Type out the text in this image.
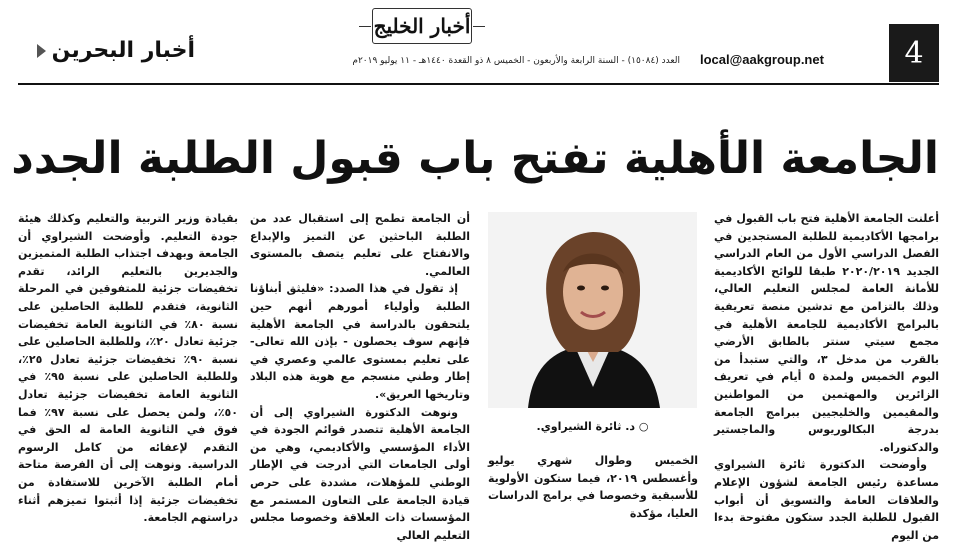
4
local@aakgroup.net
أخبار الخليج
العدد (١٥٠٨٤) - السنة الرابعة والأربعون - الخميس ٨ ذو القعدة ١٤٤٠هـ - ١١ يوليو ٢٠١٩م
أخبار البحرين
الجامعة الأهلية تفتح باب قبول الطلبة الجدد

أعلنت الجامعة الأهلية فتح باب القبول في برامجها الأكاديمية للطلبة المستجدين في الفصل الدراسي الأول من العام الدراسي الجديد ٢٠٢٠/٢٠١٩ طبقا للوائح الأكاديمية للأمانة العامة لمجلس التعليم العالي، وذلك بالتزامن مع تدشين منصة تعريفية بالبرامج الأكاديمية للجامعة الأهلية في مجمع سيتي سنتر بالطابق الأرضي بالقرب من مدخل ٣، والتي ستبدأ من اليوم الخميس ولمدة ٥ أيام في تعريف الزائرين والمهتمين من المواطنين والمقيمين والخليجيين ببرامج الجامعة بدرجة البكالوريوس والماجستير والدكتوراه.

وأوضحت الدكتورة ثائرة الشيراوي مساعدة رئيس الجامعة لشؤون الإعلام والعلاقات العامة والتسويق أن أبواب القبول للطلبة الجدد ستكون مفتوحة بدءا من اليوم

○ د. ثائرة الشيراوي.

الخميس وطوال شهري يوليو وأغسطس ٢٠١٩، فيما ستكون الأولوية للأسبقية وخصوصا في برامج الدراسات العليا، مؤكدة

أن الجامعة تطمح إلى استقبال عدد من الطلبة الباحثين عن التميز والإبداع والانفتاح على تعليم يتصف بالمستوى العالمي.

إذ تقول في هذا الصدد: «فليثق أبناؤنا الطلبة وأولياء أمورهم أنهم حين يلتحقون بالدراسة في الجامعة الأهلية فإنهم سوف يحصلون - بإذن الله تعالى- على تعليم بمستوى عالمي وعصري في إطار وطني منسجم مع هوية هذه البلاد وتاريخها العريق».

ونوهت الدكتورة الشيراوي إلى أن الجامعة الأهلية تتصدر قوائم الجودة في الأداء المؤسسي والأكاديمي، وهي من أولى الجامعات التي أدرجت في الإطار الوطني للمؤهلات، مشددة على حرص قيادة الجامعة على التعاون المستمر مع المؤسسات ذات العلاقة وخصوصا مجلس التعليم العالي

بقيادة وزير التربية والتعليم وكذلك هيئة جودة التعليم. وأوضحت الشيراوي أن الجامعة وبهدف اجتذاب الطلبة المتميزين والجديرين بالتعليم الرائد، تقدم تخفيضات جزئية للمتفوقين في المرحلة الثانوية، فتقدم للطلبة الحاصلين على نسبة ٨٠٪ في الثانوية العامة تخفيضات جزئية تعادل ٢٠٪، وللطلبة الحاصلين على نسبة ٩٠٪ تخفيضات جزئية تعادل ٢٥٪، وللطلبة الحاصلين على نسبة ٩٥٪ في الثانوية العامة تخفيضات جزئية تعادل ٥٠٪، ولمن يحصل على نسبة ٩٧٪ فما فوق في الثانوية العامة له الحق في التقدم لإعفائه من كامل الرسوم الدراسية. ونوهت إلى أن الفرصة متاحة أمام الطلبة الآخرين للاستفادة من تخفيضات جزئية إذا أثبتوا تميزهم أثناء دراستهم الجامعة.
